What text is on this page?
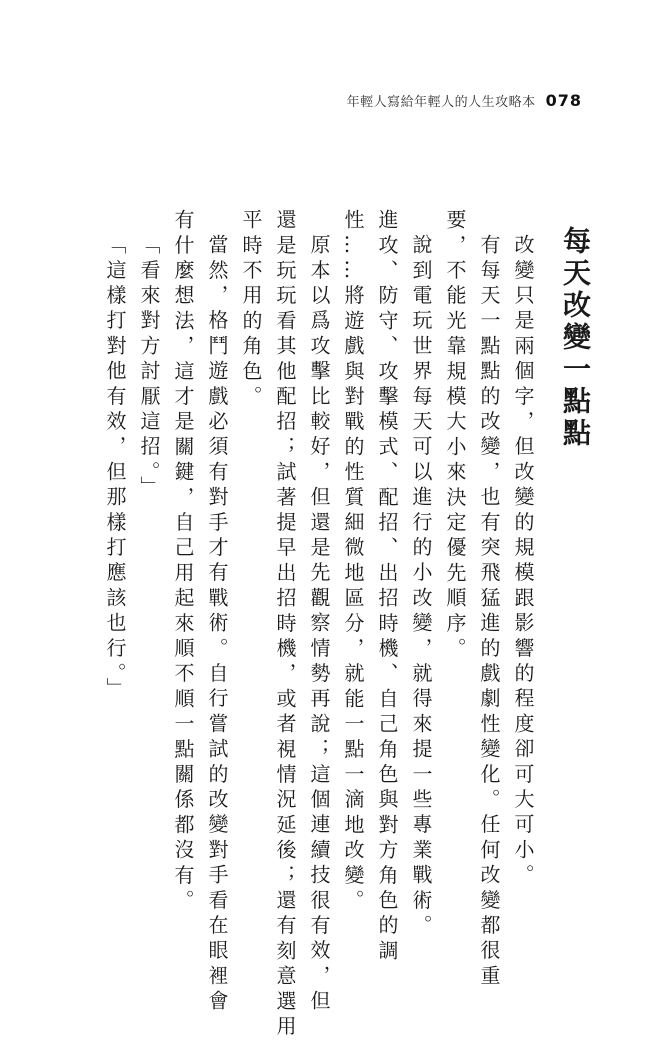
年輕人寫給年輕人的人生攻略本 078
每天改變一點點
改變只是兩個字，但改變的規模跟影響的程度卻可大可小。
有每天一點點的改變，也有突飛猛進的戲劇性變化。任何改變都很重
要，不能光靠規模大小來決定優先順序。
說到電玩世界每天可以進行的小改變，就得來提一些專業戰術。
進攻、防守、攻擊模式、配招、出招時機、自己角色與對方角色的調
性……將遊戲與對戰的性質細微地區分，就能一點一滴地改變。
原本以爲攻擊比較好，但還是先觀察情勢再說；這個連續技很有效，但
還是玩玩看其他配招；試著提早出招時機，或者視情況延後；還有刻意選用
平時不用的角色。
當然，格鬥遊戲必須有對手才有戰術。自行嘗試的改變對手看在眼裡會
有什麼想法，這才是關鍵，自己用起來順不順一點關係都沒有。
「看來對方討厭這招。」
「這樣打對他有效，但那樣打應該也行。」
